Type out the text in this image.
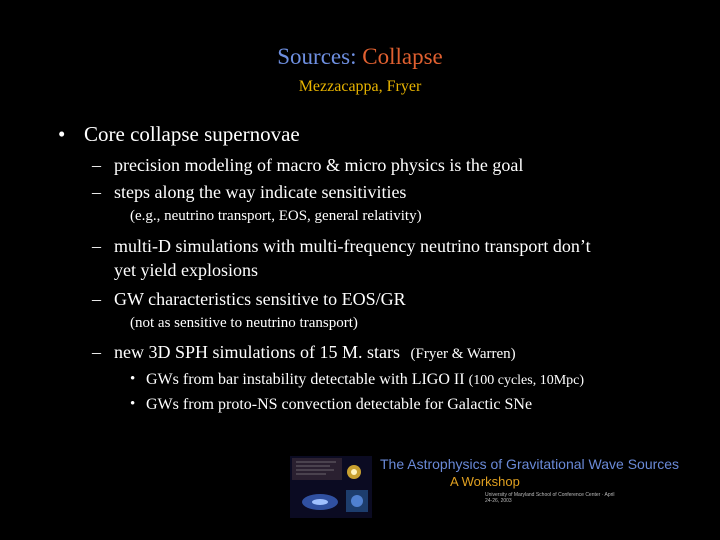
Sources: Collapse
Mezzacappa, Fryer
• Core collapse supernovae
– precision modeling of macro & micro physics is the goal
– steps along the way indicate sensitivities
(e.g., neutrino transport, EOS, general relativity)
– multi-D simulations with multi-frequency neutrino transport don’t
yet yield explosions
– GW characteristics sensitive to EOS/GR
(not as sensitive to neutrino transport)
– new 3D SPH simulations of 15 M. stars (Fryer & Warren)
• GWs from bar instability detectable with LIGO II (100 cycles, 10Mpc)
• GWs from proto-NS convection detectable for Galactic SNe
The Astrophysics of Gravitational Wave Sources
A Workshop
University of Maryland School of Conference Center · April 24-26, 2003
